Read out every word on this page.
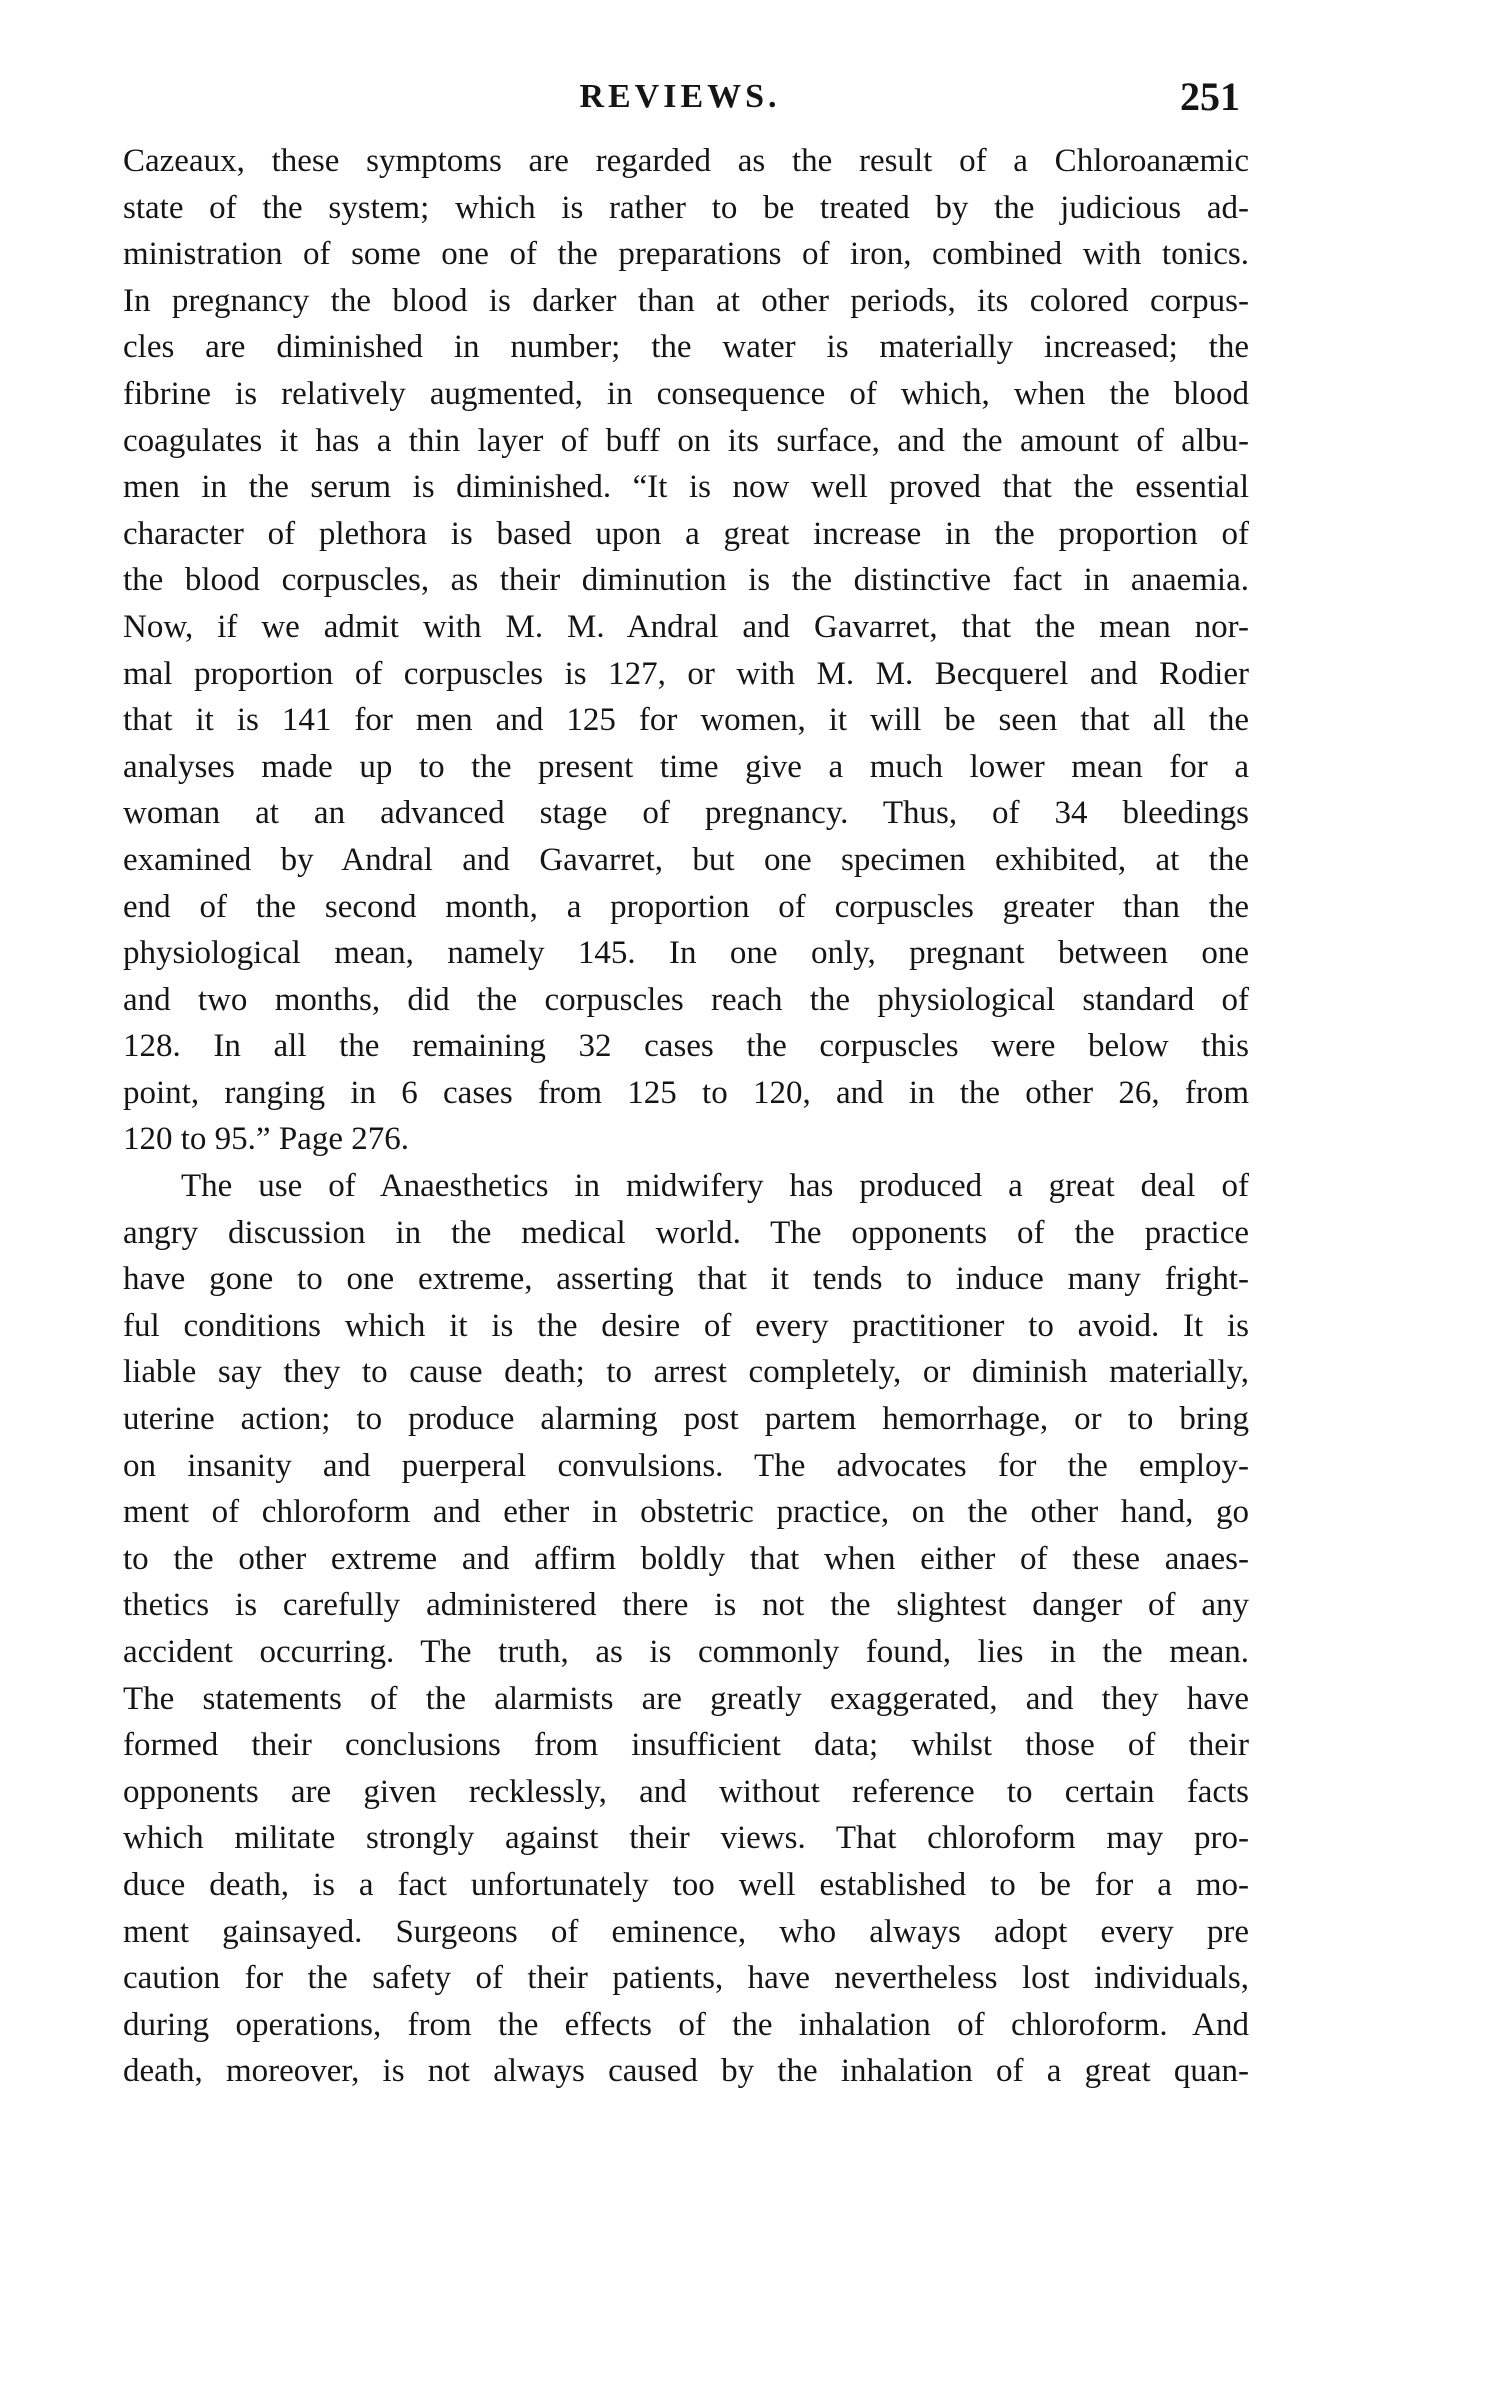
REVIEWS.	251
Cazeaux, these symptoms are regarded as the result of a Chloroanæmic
state of the system; which is rather to be treated by the judicious ad-
ministration of some one of the preparations of iron, combined with tonics.
In pregnancy the blood is darker than at other periods, its colored corpus-
cles are diminished in number; the water is materially increased; the
fibrine is relatively augmented, in consequence of which, when the blood
coagulates it has a thin layer of buff on its surface, and the amount of albu-
men in the serum is diminished. “It is now well proved that the essential
character of plethora is based upon a great increase in the proportion of
the blood corpuscles, as their diminution is the distinctive fact in anaemia.
Now, if we admit with M. M. Andral and Gavarret, that the mean nor-
mal proportion of corpuscles is 127, or with M. M. Becquerel and Rodier
that it is 141 for men and 125 for women, it will be seen that all the
analyses made up to the present time give a much lower mean for a
woman at an advanced stage of pregnancy. Thus, of 34 bleedings
examined by Andral and Gavarret, but one specimen exhibited, at the
end of the second month, a proportion of corpuscles greater than the
physiological mean, namely 145. In one only, pregnant between one
and two months, did the corpuscles reach the physiological standard of
128. In all the remaining 32 cases the corpuscles were below this
point, ranging in 6 cases from 125 to 120, and in the other 26, from
120 to 95.” Page 276.
The use of Anaesthetics in midwifery has produced a great deal of
angry discussion in the medical world. The opponents of the practice
have gone to one extreme, asserting that it tends to induce many fright-
ful conditions which it is the desire of every practitioner to avoid. It is
liable say they to cause death; to arrest completely, or diminish materially,
uterine action; to produce alarming post partem hemorrhage, or to bring
on insanity and puerperal convulsions. The advocates for the employ-
ment of chloroform and ether in obstetric practice, on the other hand, go
to the other extreme and affirm boldly that when either of these anaes-
thetics is carefully administered there is not the slightest danger of any
accident occurring. The truth, as is commonly found, lies in the mean.
The statements of the alarmists are greatly exaggerated, and they have
formed their conclusions from insufficient data; whilst those of their
opponents are given recklessly, and without reference to certain facts
which militate strongly against their views. That chloroform may pro-
duce death, is a fact unfortunately too well established to be for a mo-
ment gainsayed. Surgeons of eminence, who always adopt every pre
caution for the safety of their patients, have nevertheless lost individuals,
during operations, from the effects of the inhalation of chloroform. And
death, moreover, is not always caused by the inhalation of a great quan-
